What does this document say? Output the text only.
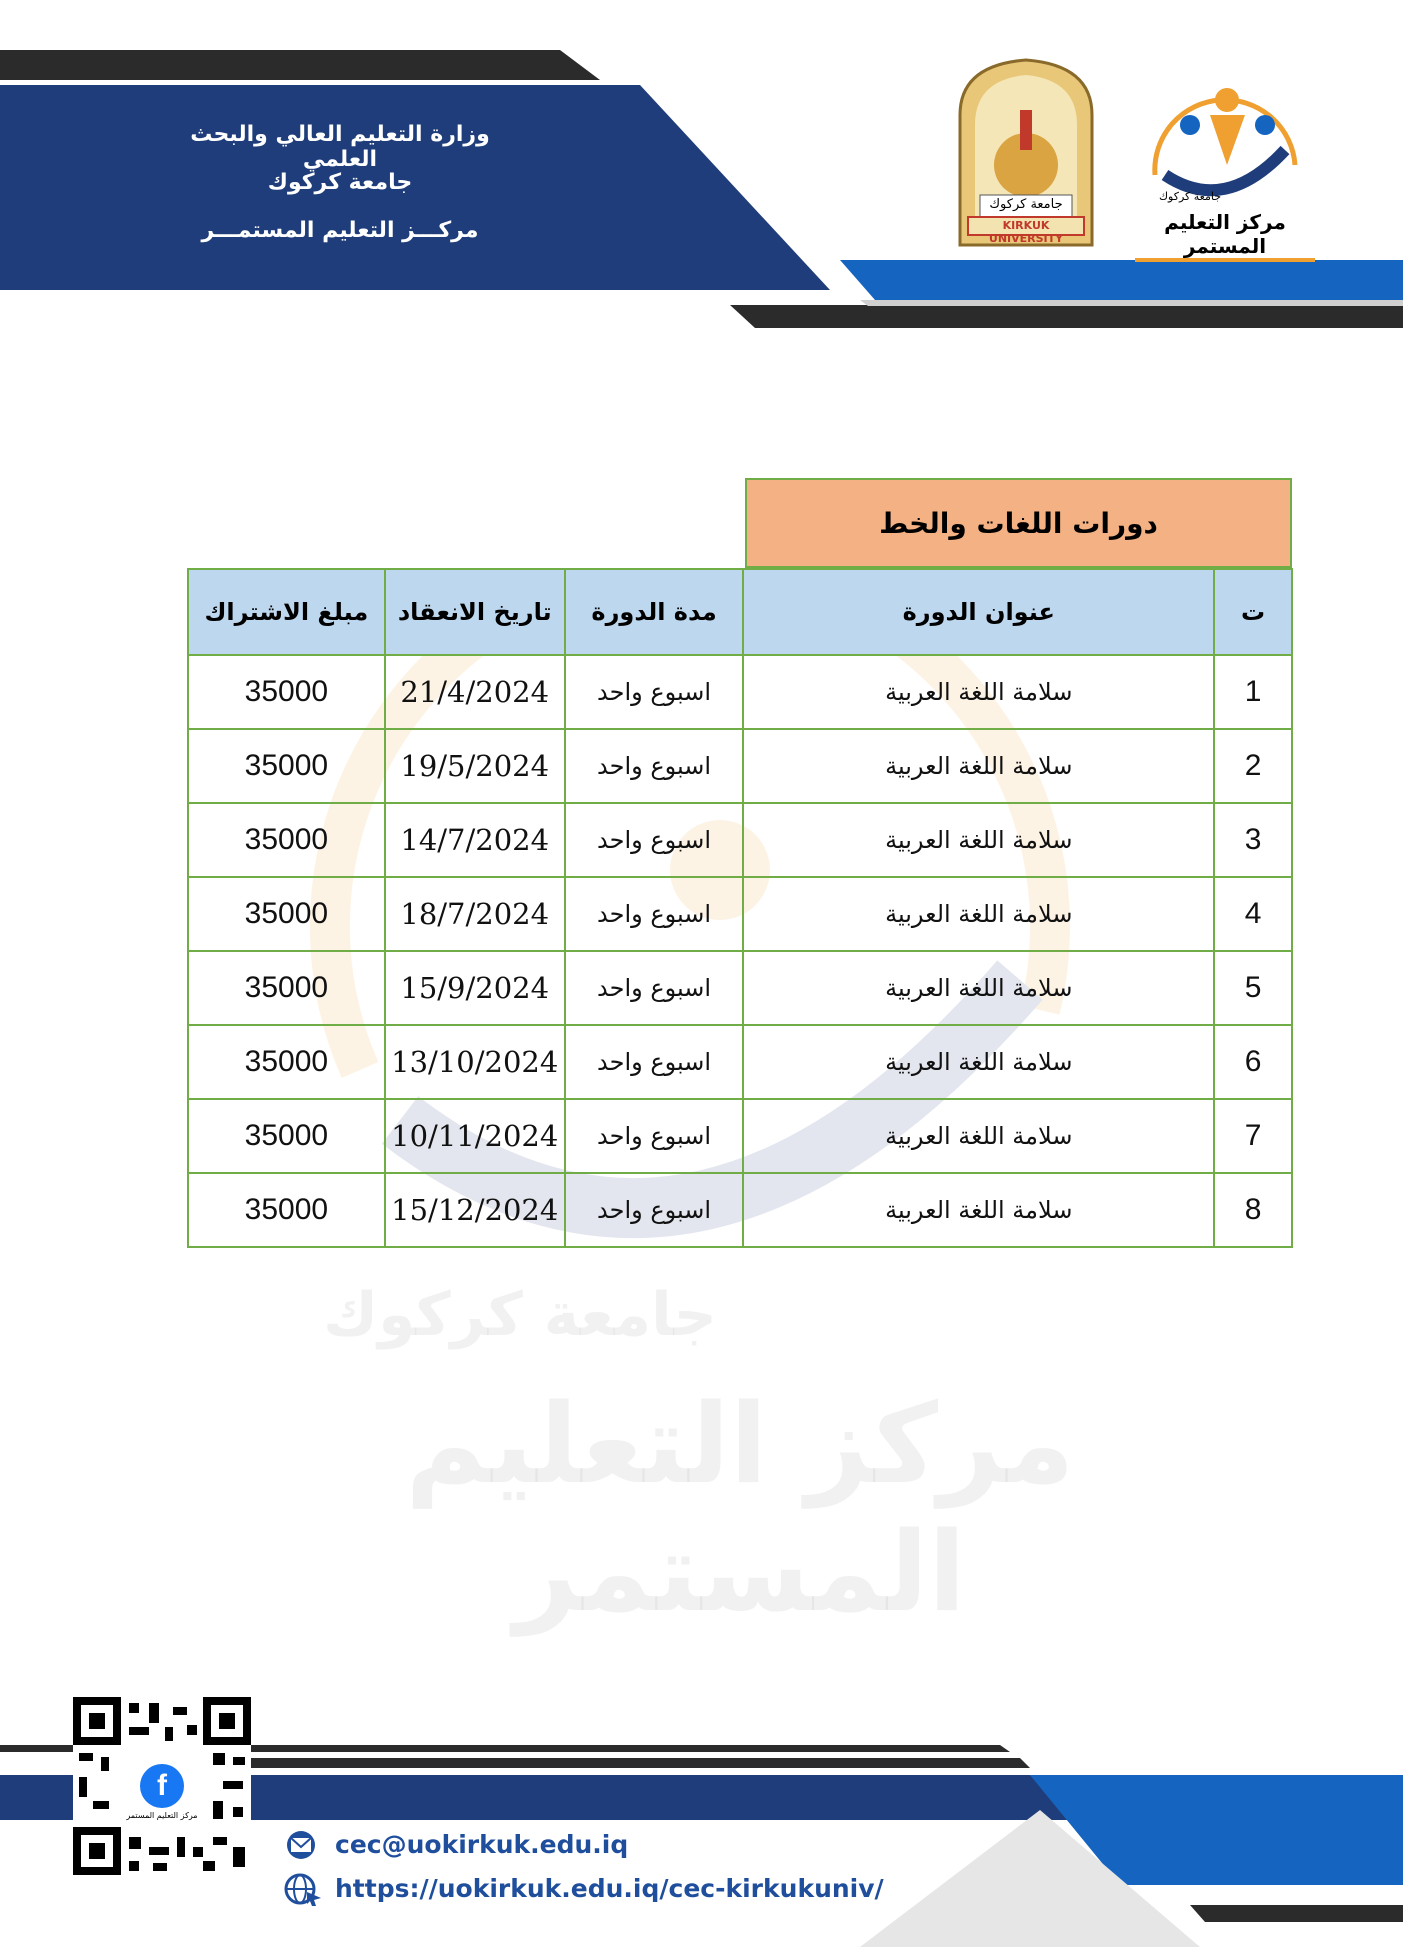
وزارة التعليم العالي والبحث العلمي
جامعة كركوك
مركـــز التعليم المستمـــر
جامعة كركوك
KIRKUK UNIVERSITY
جامعة كركوك
مركز التعليم المستمر
جامعة كركوك
مركز التعليم المستمر
دورات اللغات والخط
ت	عنوان الدورة	مدة الدورة	تاريخ الانعقاد	مبلغ الاشتراك
1	سلامة اللغة العربية	اسبوع واحد	21/4/2024	35000
2	سلامة اللغة العربية	اسبوع واحد	19/5/2024	35000
3	سلامة اللغة العربية	اسبوع واحد	14/7/2024	35000
4	سلامة اللغة العربية	اسبوع واحد	18/7/2024	35000
5	سلامة اللغة العربية	اسبوع واحد	15/9/2024	35000
6	سلامة اللغة العربية	اسبوع واحد	13/10/2024	35000
7	سلامة اللغة العربية	اسبوع واحد	10/11/2024	35000
8	سلامة اللغة العربية	اسبوع واحد	15/12/2024	35000
f
مركز التعليم المستمر
cec@uokirkuk.edu.iq
https://uokirkuk.edu.iq/cec-kirkukuniv/
